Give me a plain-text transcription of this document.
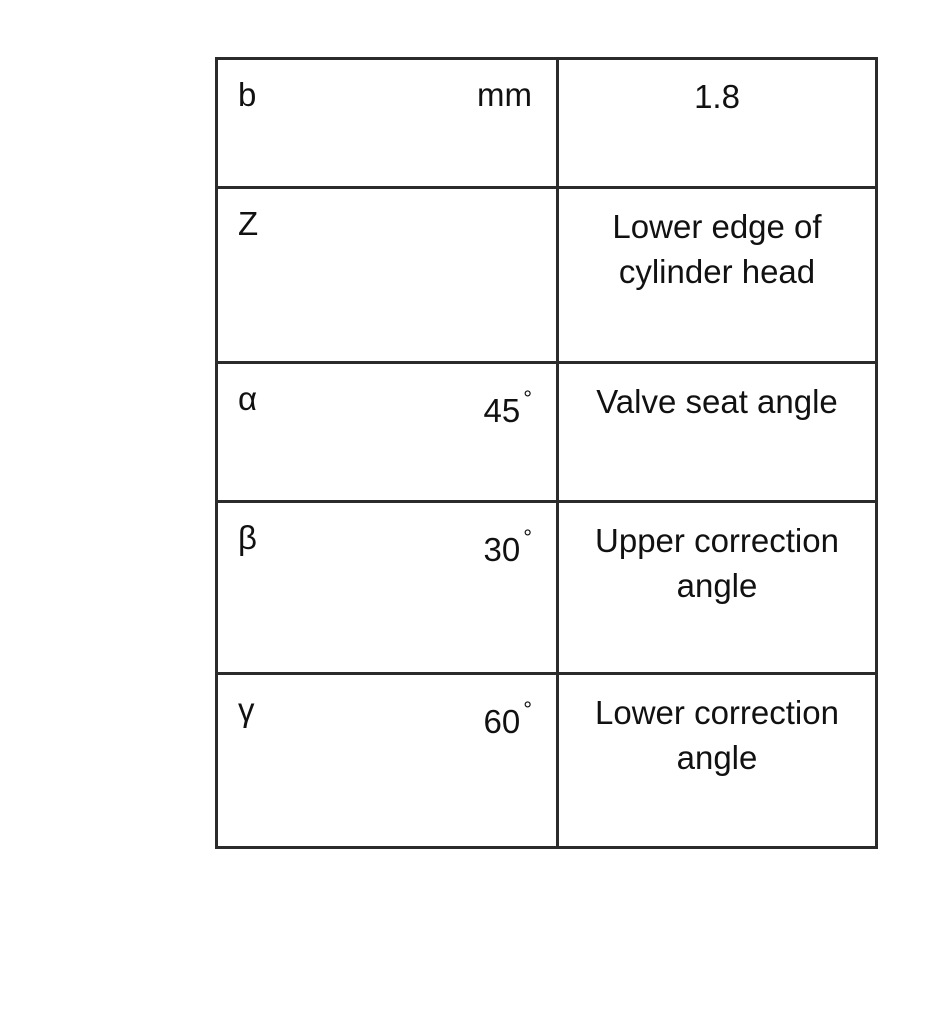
b mm	1.8

Z	Lower edge of
cylinder head

α 45 °	Valve seat angle

β 30 °	Upper correction
angle

γ 60 °	Lower correction
angle
